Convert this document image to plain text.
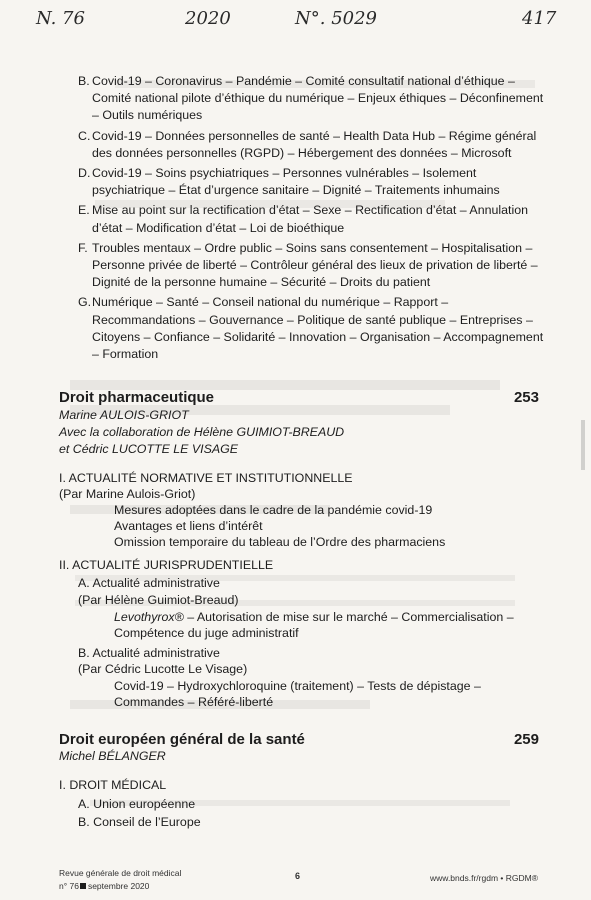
N. 76	2020	N°. 5029	417
B. Covid-19 – Coronavirus – Pandémie – Comité consultatif national d’éthique – Comité national pilote d’éthique du numérique – Enjeux éthiques – Déconfinement – Outils numériques
C. Covid-19 – Données personnelles de santé – Health Data Hub – Régime général des données personnelles (RGPD) – Hébergement des données – Microsoft
D. Covid-19 – Soins psychiatriques – Personnes vulnérables – Isolement psychiatrique – État d’urgence sanitaire – Dignité – Traitements inhumains
E. Mise au point sur la rectification d’état – Sexe – Rectification d’état – Annulation d’état – Modification d’état – Loi de bioéthique
F. Troubles mentaux – Ordre public – Soins sans consentement – Hospitalisation – Personne privée de liberté – Contrôleur général des lieux de privation de liberté – Dignité de la personne humaine – Sécurité – Droits du patient
G. Numérique – Santé – Conseil national du numérique – Rapport – Recommandations – Gouvernance – Politique de santé publique – Entreprises – Citoyens – Confiance – Solidarité – Innovation – Organisation – Accompagnement – Formation
Droit pharmaceutique	253
Marine AULOIS-GRIOT
Avec la collaboration de Hélène GUIMIOT-BREAUD
et Cédric LUCOTTE LE VISAGE
I. ACTUALITÉ NORMATIVE ET INSTITUTIONNELLE
(Par Marine Aulois-Griot)
Mesures adoptées dans le cadre de la pandémie covid-19
Avantages et liens d’intérêt
Omission temporaire du tableau de l’Ordre des pharmaciens
II. ACTUALITÉ JURISPRUDENTIELLE
A. Actualité administrative
(Par Hélène Guimiot-Breaud)
Levothyrox® – Autorisation de mise sur le marché – Commercialisation –
Compétence du juge administratif
B. Actualité administrative
(Par Cédric Lucotte Le Visage)
Covid-19 – Hydroxychloroquine (traitement) – Tests de dépistage –
Commandes – Référé-liberté
Droit européen général de la santé	259
Michel BÉLANGER
I. DROIT MÉDICAL
A. Union européenne
B. Conseil de l’Europe
Revue générale de droit médical
n° 76 septembre 2020
6	www.bnds.fr/rgdm • RGDM®
